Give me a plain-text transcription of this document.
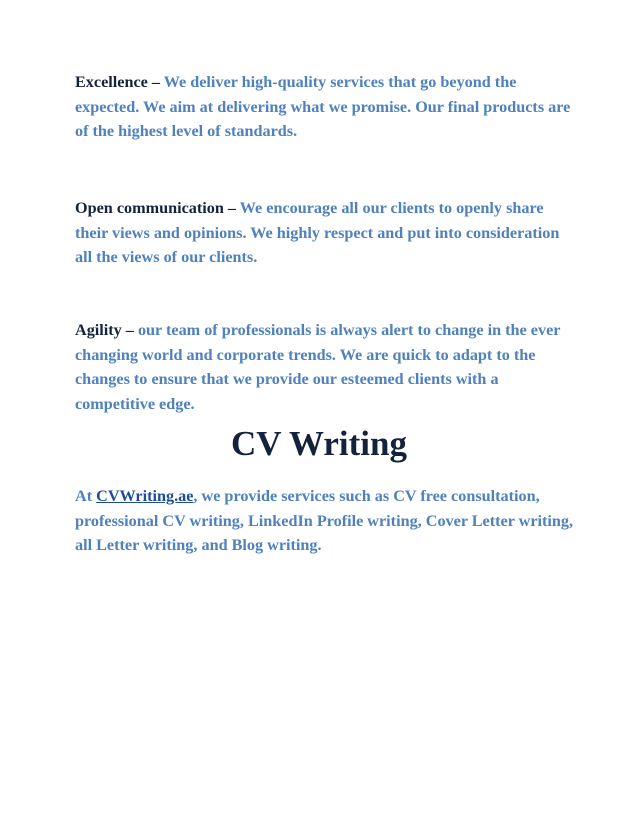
Excellence – We deliver high-quality services that go beyond the expected. We aim at delivering what we promise. Our final products are of the highest level of standards.

Open communication – We encourage all our clients to openly share their views and opinions. We highly respect and put into consideration all the views of our clients.

Agility – our team of professionals is always alert to change in the ever changing world and corporate trends. We are quick to adapt to the changes to ensure that we provide our esteemed clients with a competitive edge.

CV Writing

At CVWriting.ae, we provide services such as CV free consultation, professional CV writing, LinkedIn Profile writing, Cover Letter writing, all Letter writing, and Blog writing.
